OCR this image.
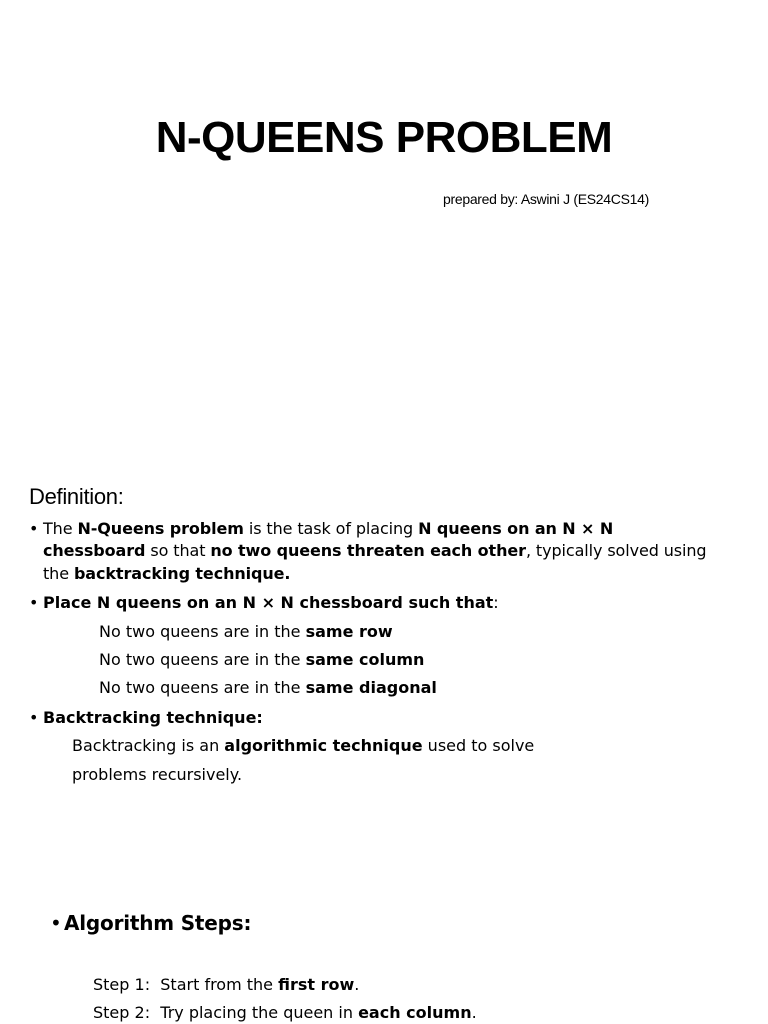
N-QUEENS PROBLEM
prepared by: Aswini J (ES24CS14)
Definition:
• The N-Queens problem is the task of placing N queens on an N × N
chessboard so that no two queens threaten each other, typically solved using
the backtracking technique.
• Place N queens on an N × N chessboard such that:
No two queens are in the same row
No two queens are in the same column
No two queens are in the same diagonal
• Backtracking technique:
Backtracking is an algorithmic technique used to solve
problems recursively.
• Algorithm Steps:
Step 1: Start from the first row.
Step 2: Try placing the queen in each column.
